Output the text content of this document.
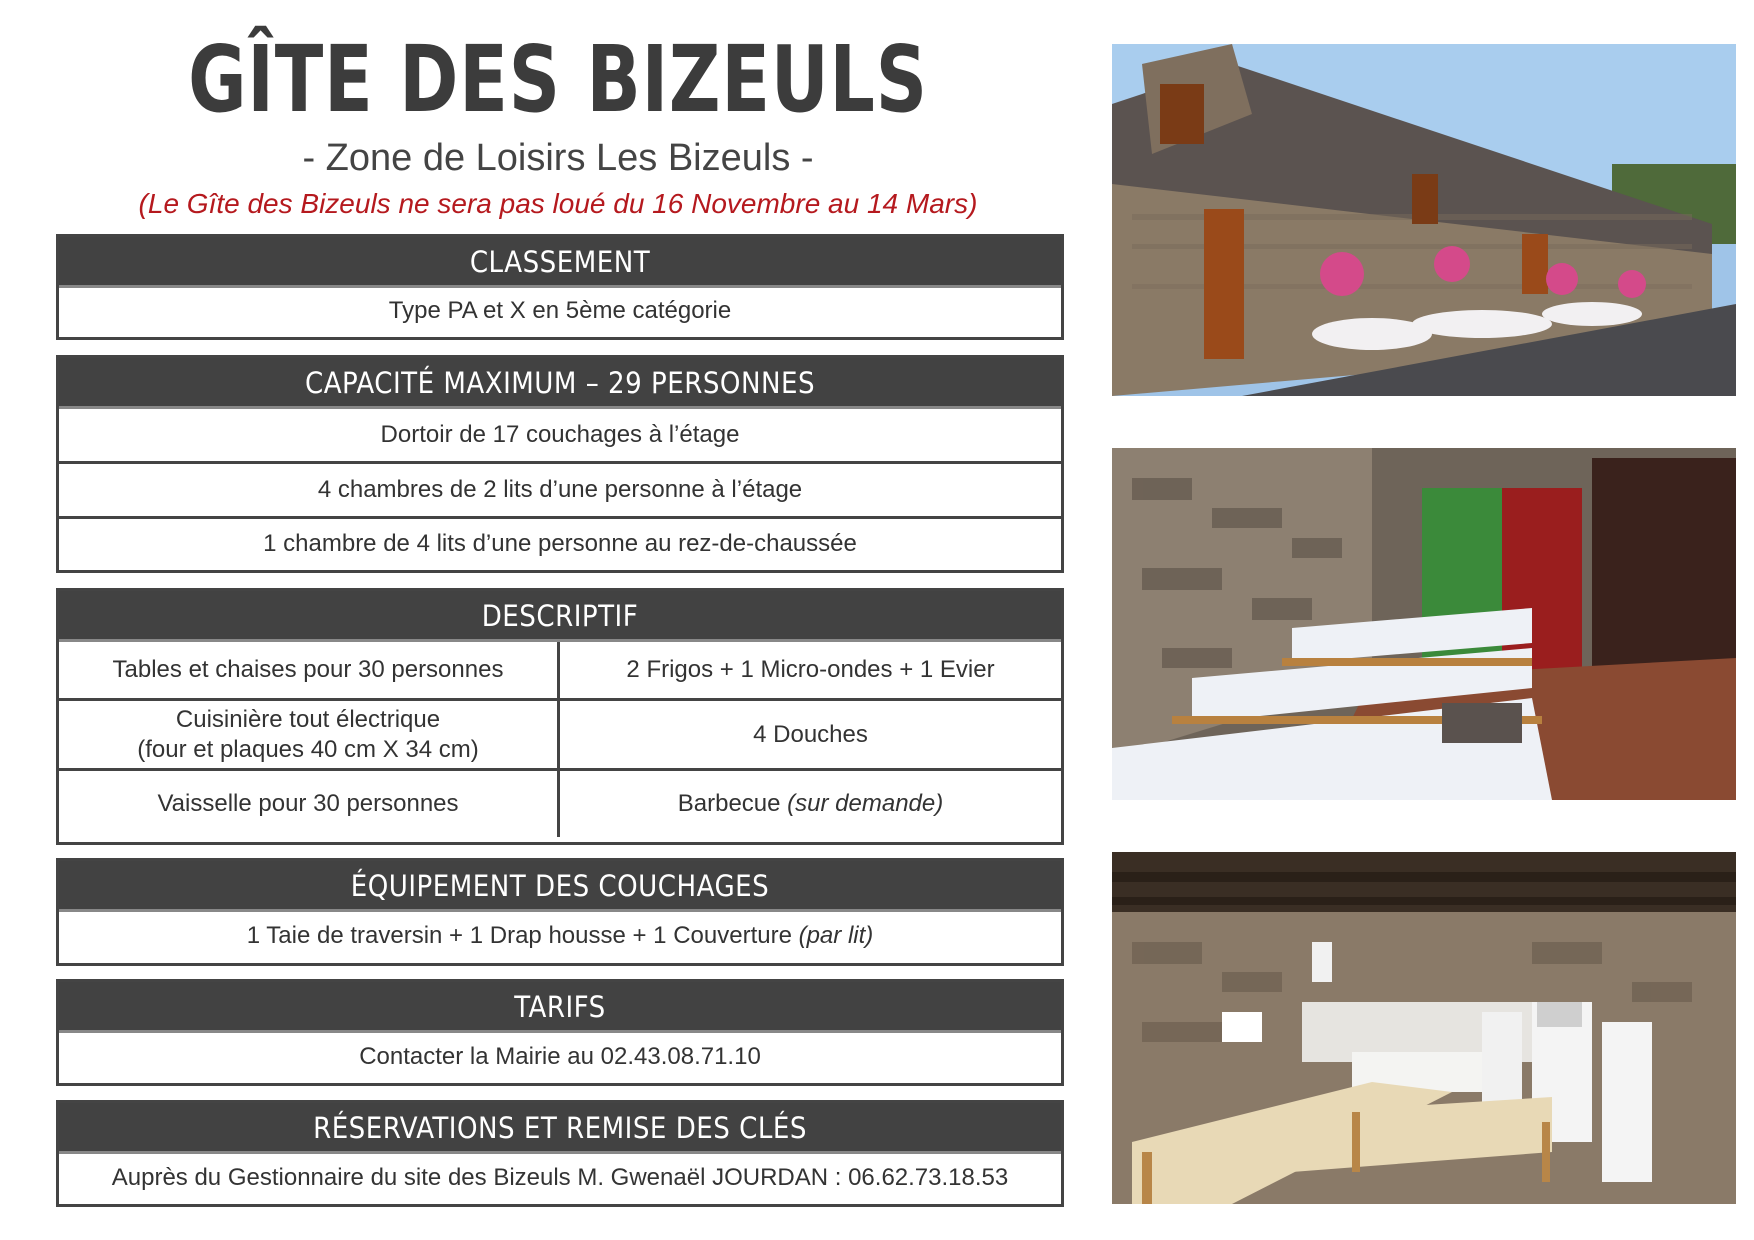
GÎTE DES BIZEULS
- Zone de Loisirs Les Bizeuls -
(Le Gîte des Bizeuls ne sera pas loué du 16 Novembre au 14 Mars)
CLASSEMENT
Type PA et X en 5ème catégorie
CAPACITÉ MAXIMUM – 29 PERSONNES
Dortoir de 17 couchages à l’étage
4 chambres de 2 lits d’une personne à l’étage
1 chambre de 4 lits d’une personne au rez-de-chaussée
DESCRIPTIF
Tables et chaises pour 30 personnes	2 Frigos + 1 Micro-ondes + 1 Evier
Cuisinière tout électrique
(four et plaques 40 cm X 34 cm)
4 Douches
Vaisselle pour 30 personnes	Barbecue (sur demande)
ÉQUIPEMENT DES COUCHAGES
1 Taie de traversin + 1 Drap housse + 1 Couverture
(par lit)
TARIFS
Contacter la Mairie au 02.43.08.71.10
RÉSERVATIONS ET REMISE DES CLÉS
Auprès du Gestionnaire du site des Bizeuls M. Gwenaël JOURDAN : 06.62.73.18.53
